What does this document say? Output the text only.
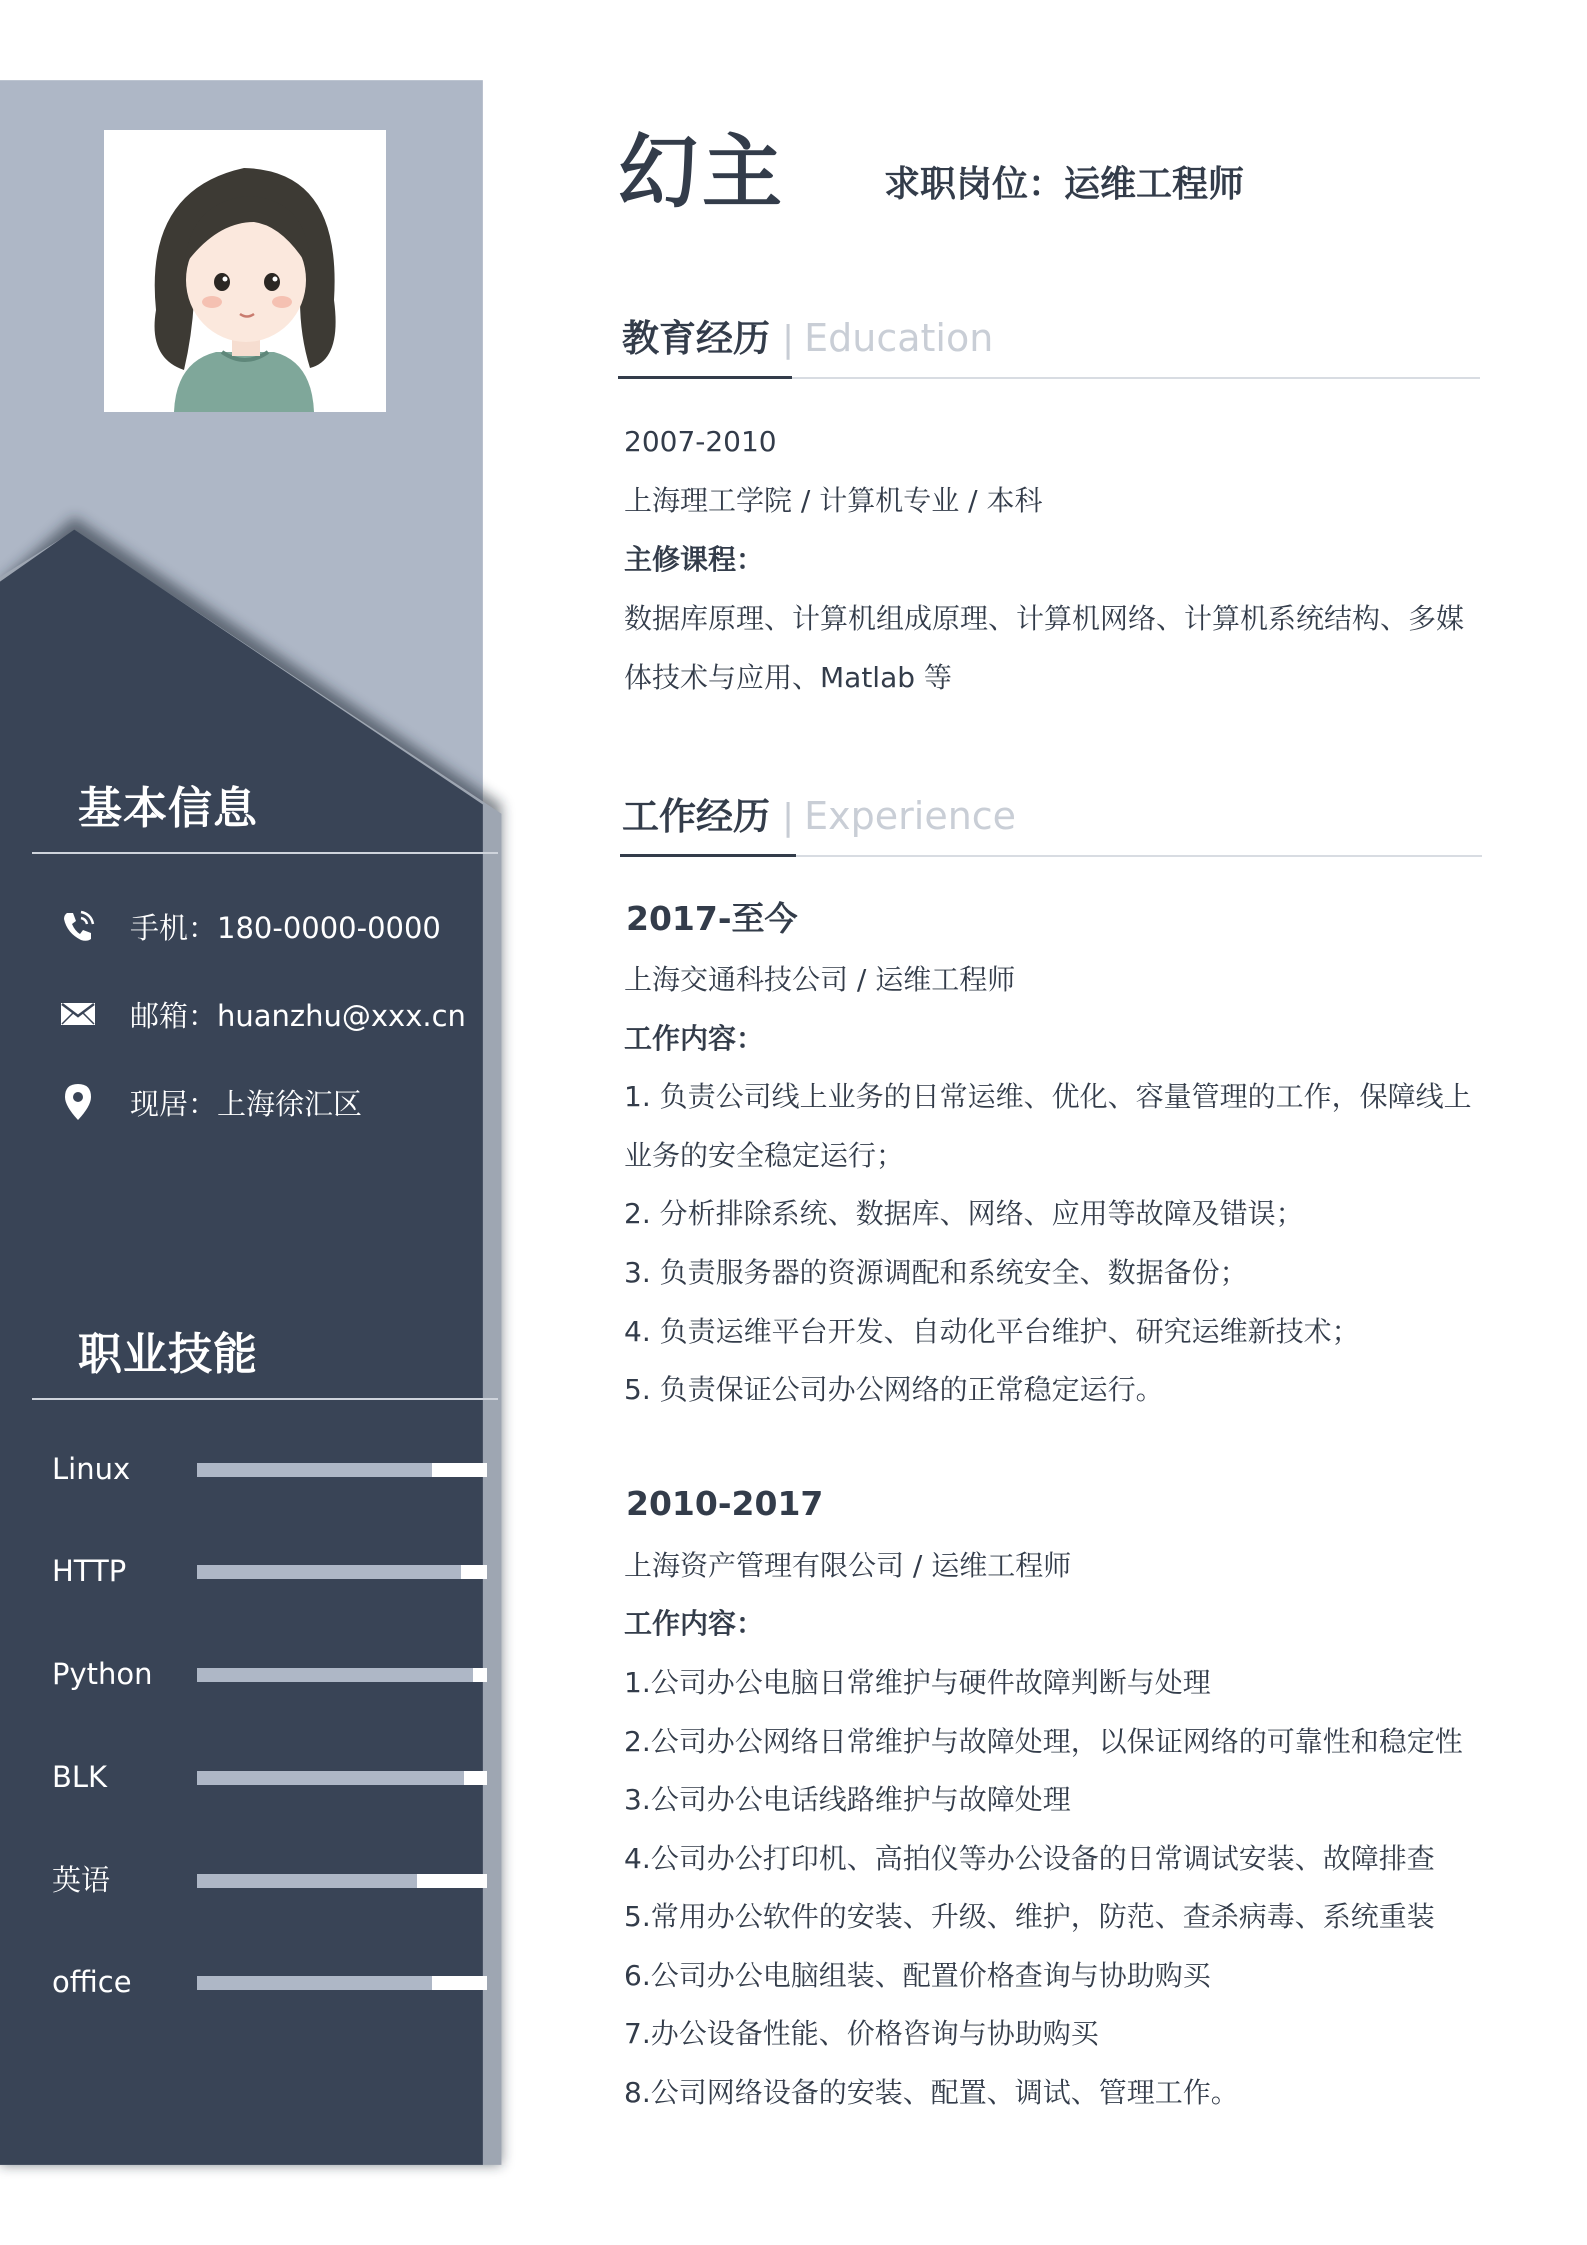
基本信息
手机：180-0000-0000
邮箱：huanzhu@xxx.cn
现居：上海徐汇区
职业技能
Linux
HTTP
Python
BLK
英语
office
幻主	求职岗位：运维工程师
教育经历 | Education
2007-2010
上海理工学院 / 计算机专业 / 本科
主修课程：
数据库原理、计算机组成原理、计算机网络、计算机系统结构、多媒
体技术与应用、Matlab 等
工作经历 | Experience
2017-至今
上海交通科技公司 / 运维工程师
工作内容：
1. 负责公司线上业务的日常运维、优化、容量管理的工作，保障线上
业务的安全稳定运行；
2. 分析排除系统、数据库、网络、应用等故障及错误；
3. 负责服务器的资源调配和系统安全、数据备份；
4. 负责运维平台开发、自动化平台维护、研究运维新技术；
5. 负责保证公司办公网络的正常稳定运行。
2010-2017
上海资产管理有限公司 / 运维工程师
工作内容：
1.公司办公电脑日常维护与硬件故障判断与处理
2.公司办公网络日常维护与故障处理，以保证网络的可靠性和稳定性
3.公司办公电话线路维护与故障处理
4.公司办公打印机、高拍仪等办公设备的日常调试安装、故障排查
5.常用办公软件的安装、升级、维护，防范、查杀病毒、系统重装
6.公司办公电脑组装、配置价格查询与协助购买
7.办公设备性能、价格咨询与协助购买
8.公司网络设备的安装、配置、调试、管理工作。
